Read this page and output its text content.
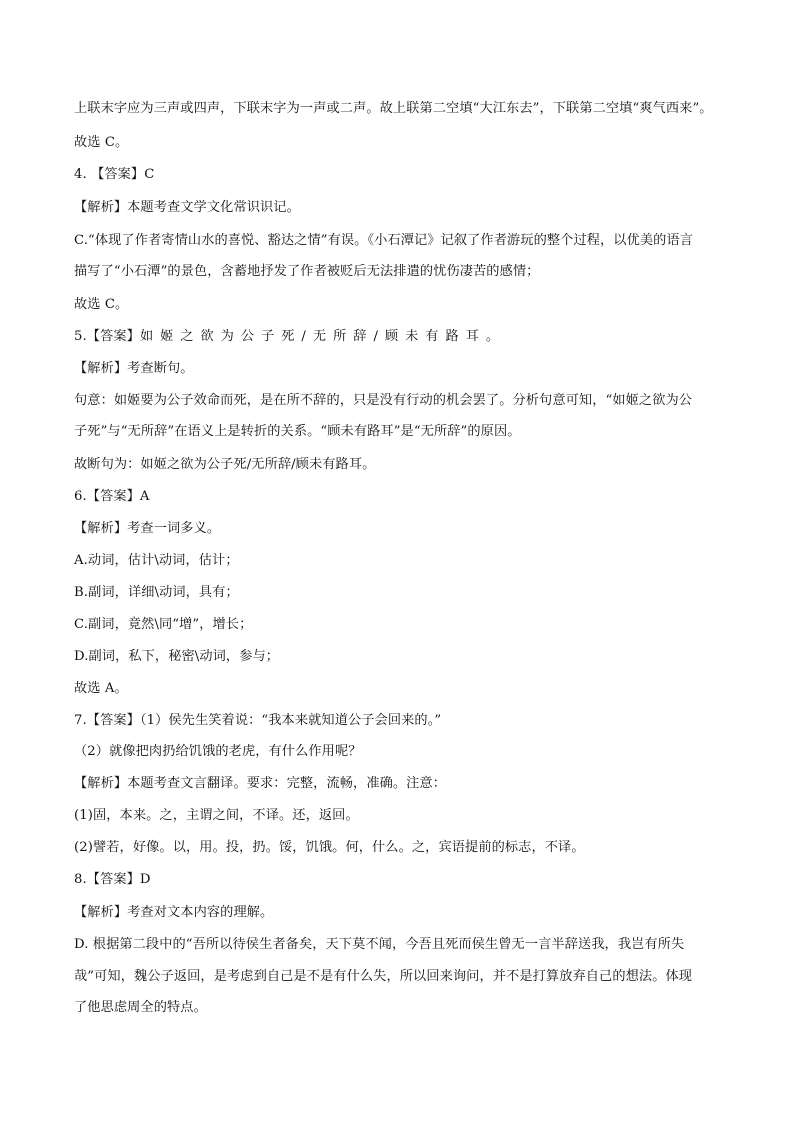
上联末字应为三声或四声，下联末字为一声或二声。故上联第二空填“大江东去”，下联第二空填“爽气西来”。
故选 C。
4. 【答案】C
【解析】本题考查文学文化常识识记。
C.“体现了作者寄情山水的喜悦、豁达之情”有误。《小石潭记》记叙了作者游玩的整个过程，以优美的语言
描写了“小石潭”的景色，含蓄地抒发了作者被贬后无法排遣的忧伤凄苦的感情；
故选 C。
5.【答案】如姬之欲为公子死/无所辞/顾未有路耳。
【解析】考查断句。
句意：如姬要为公子效命而死，是在所不辞的，只是没有行动的机会罢了。分析句意可知，“如姬之欲为公
子死”与“无所辞”在语义上是转折的关系。“顾未有路耳”是“无所辞”的原因。
故断句为：如姬之欲为公子死/无所辞/顾未有路耳。
6.【答案】A
【解析】考查一词多义。
A.动词，估计\动词，估计；
B.副词，详细\动词，具有；
C.副词，竟然\同“增”，增长；
D.副词，私下，秘密\动词，参与；
故选 A。
7.【答案】（1）侯先生笑着说：“我本来就知道公子会回来的。”
（2）就像把肉扔给饥饿的老虎，有什么作用呢？
【解析】本题考查文言翻译。要求：完整，流畅，准确。注意：
(1)固，本来。之，主谓之间，不译。还，返回。
(2)譬若，好像。以，用。投，扔。馁，饥饿。何，什么。之，宾语提前的标志，不译。
8.【答案】D
【解析】考查对文本内容的理解。
D. 根据第二段中的“吾所以待侯生者备矣，天下莫不闻，今吾且死而侯生曾无一言半辞送我，我岂有所失
哉”可知，魏公子返回，是考虑到自己是不是有什么失，所以回来询问，并不是打算放弃自己的想法。体现
了他思虑周全的特点。
